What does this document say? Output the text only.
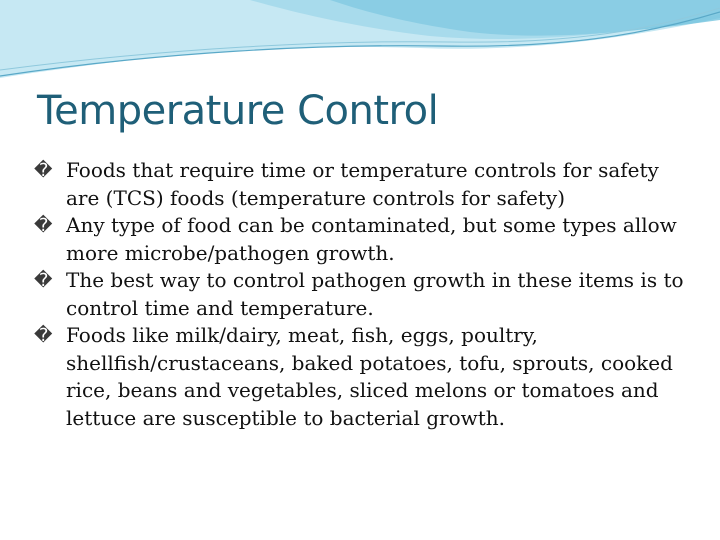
Temperature Control
� Foods that require time or temperature controls for safety are (TCS) foods (temperature controls for safety)
� Any type of food can be contaminated, but some types allow more microbe/pathogen growth.
� The best way to control pathogen growth in these items is to control time and temperature.
� Foods like milk/dairy, meat, fish, eggs, poultry, shellfish/crustaceans, baked potatoes, tofu, sprouts, cooked rice, beans and vegetables, sliced melons or tomatoes and lettuce are susceptible to bacterial growth.
